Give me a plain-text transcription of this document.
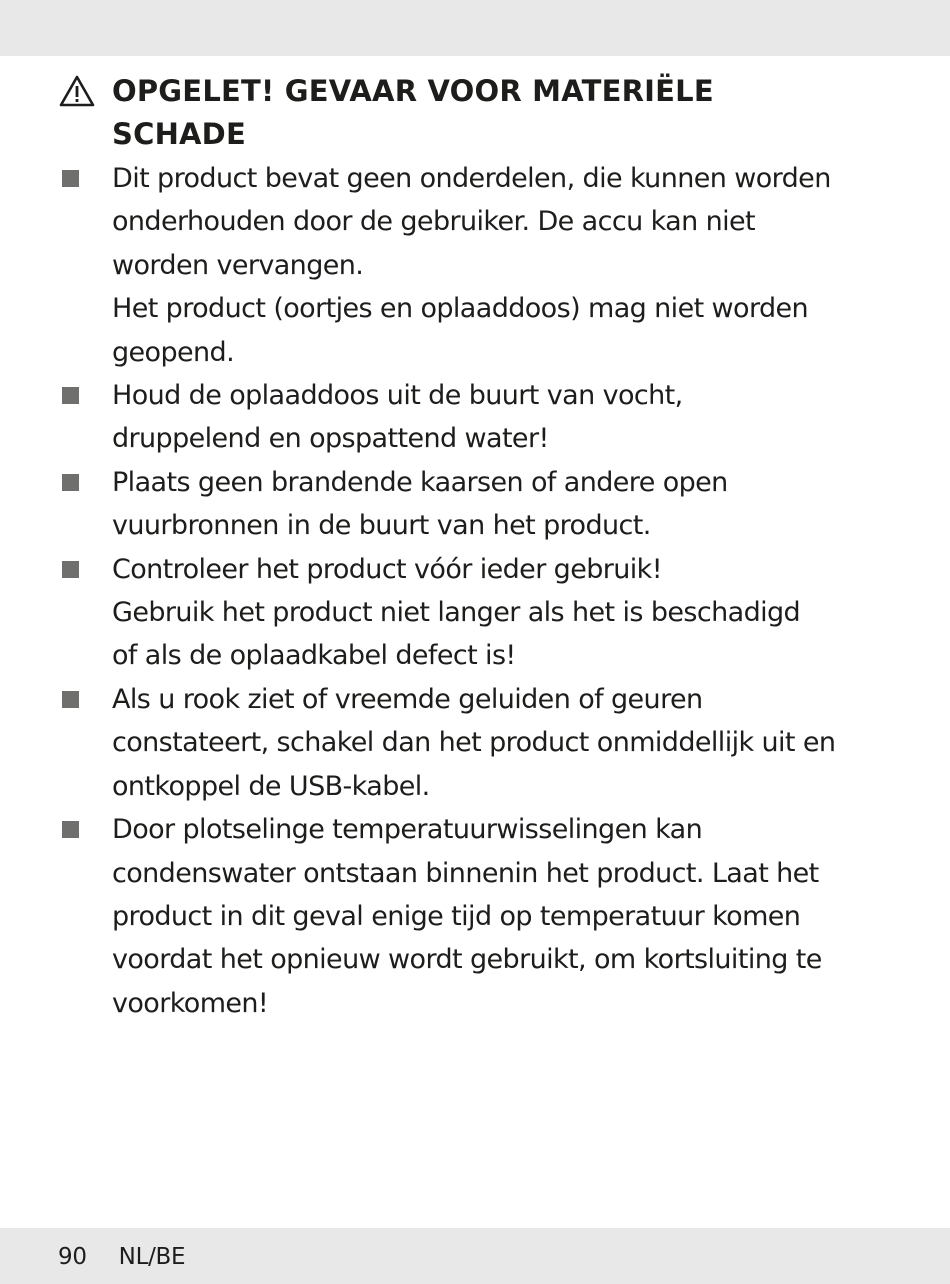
OPGELET! GEVAAR VOOR MATERIËLE
SCHADE

Dit product bevat geen onderdelen, die kunnen worden
onderhouden door de gebruiker. De accu kan niet
worden vervangen.

Het product (oortjes en oplaaddoos) mag niet worden
geopend.

Houd de oplaaddoos uit de buurt van vocht,
druppelend en opspattend water!

Plaats geen brandende kaarsen of andere open
vuurbronnen in de buurt van het product.

Controleer het product vóór ieder gebruik!

Gebruik het product niet langer als het is beschadigd
of als de oplaadkabel defect is!

Als u rook ziet of vreemde geluiden of geuren
constateert, schakel dan het product onmiddellijk uit en
ontkoppel de USB-kabel.

Door plotselinge temperatuurwisselingen kan
condenswater ontstaan binnenin het product. Laat het
product in dit geval enige tijd op temperatuur komen
voordat het opnieuw wordt gebruikt, om kortsluiting te
voorkomen!

90 NL/BE
